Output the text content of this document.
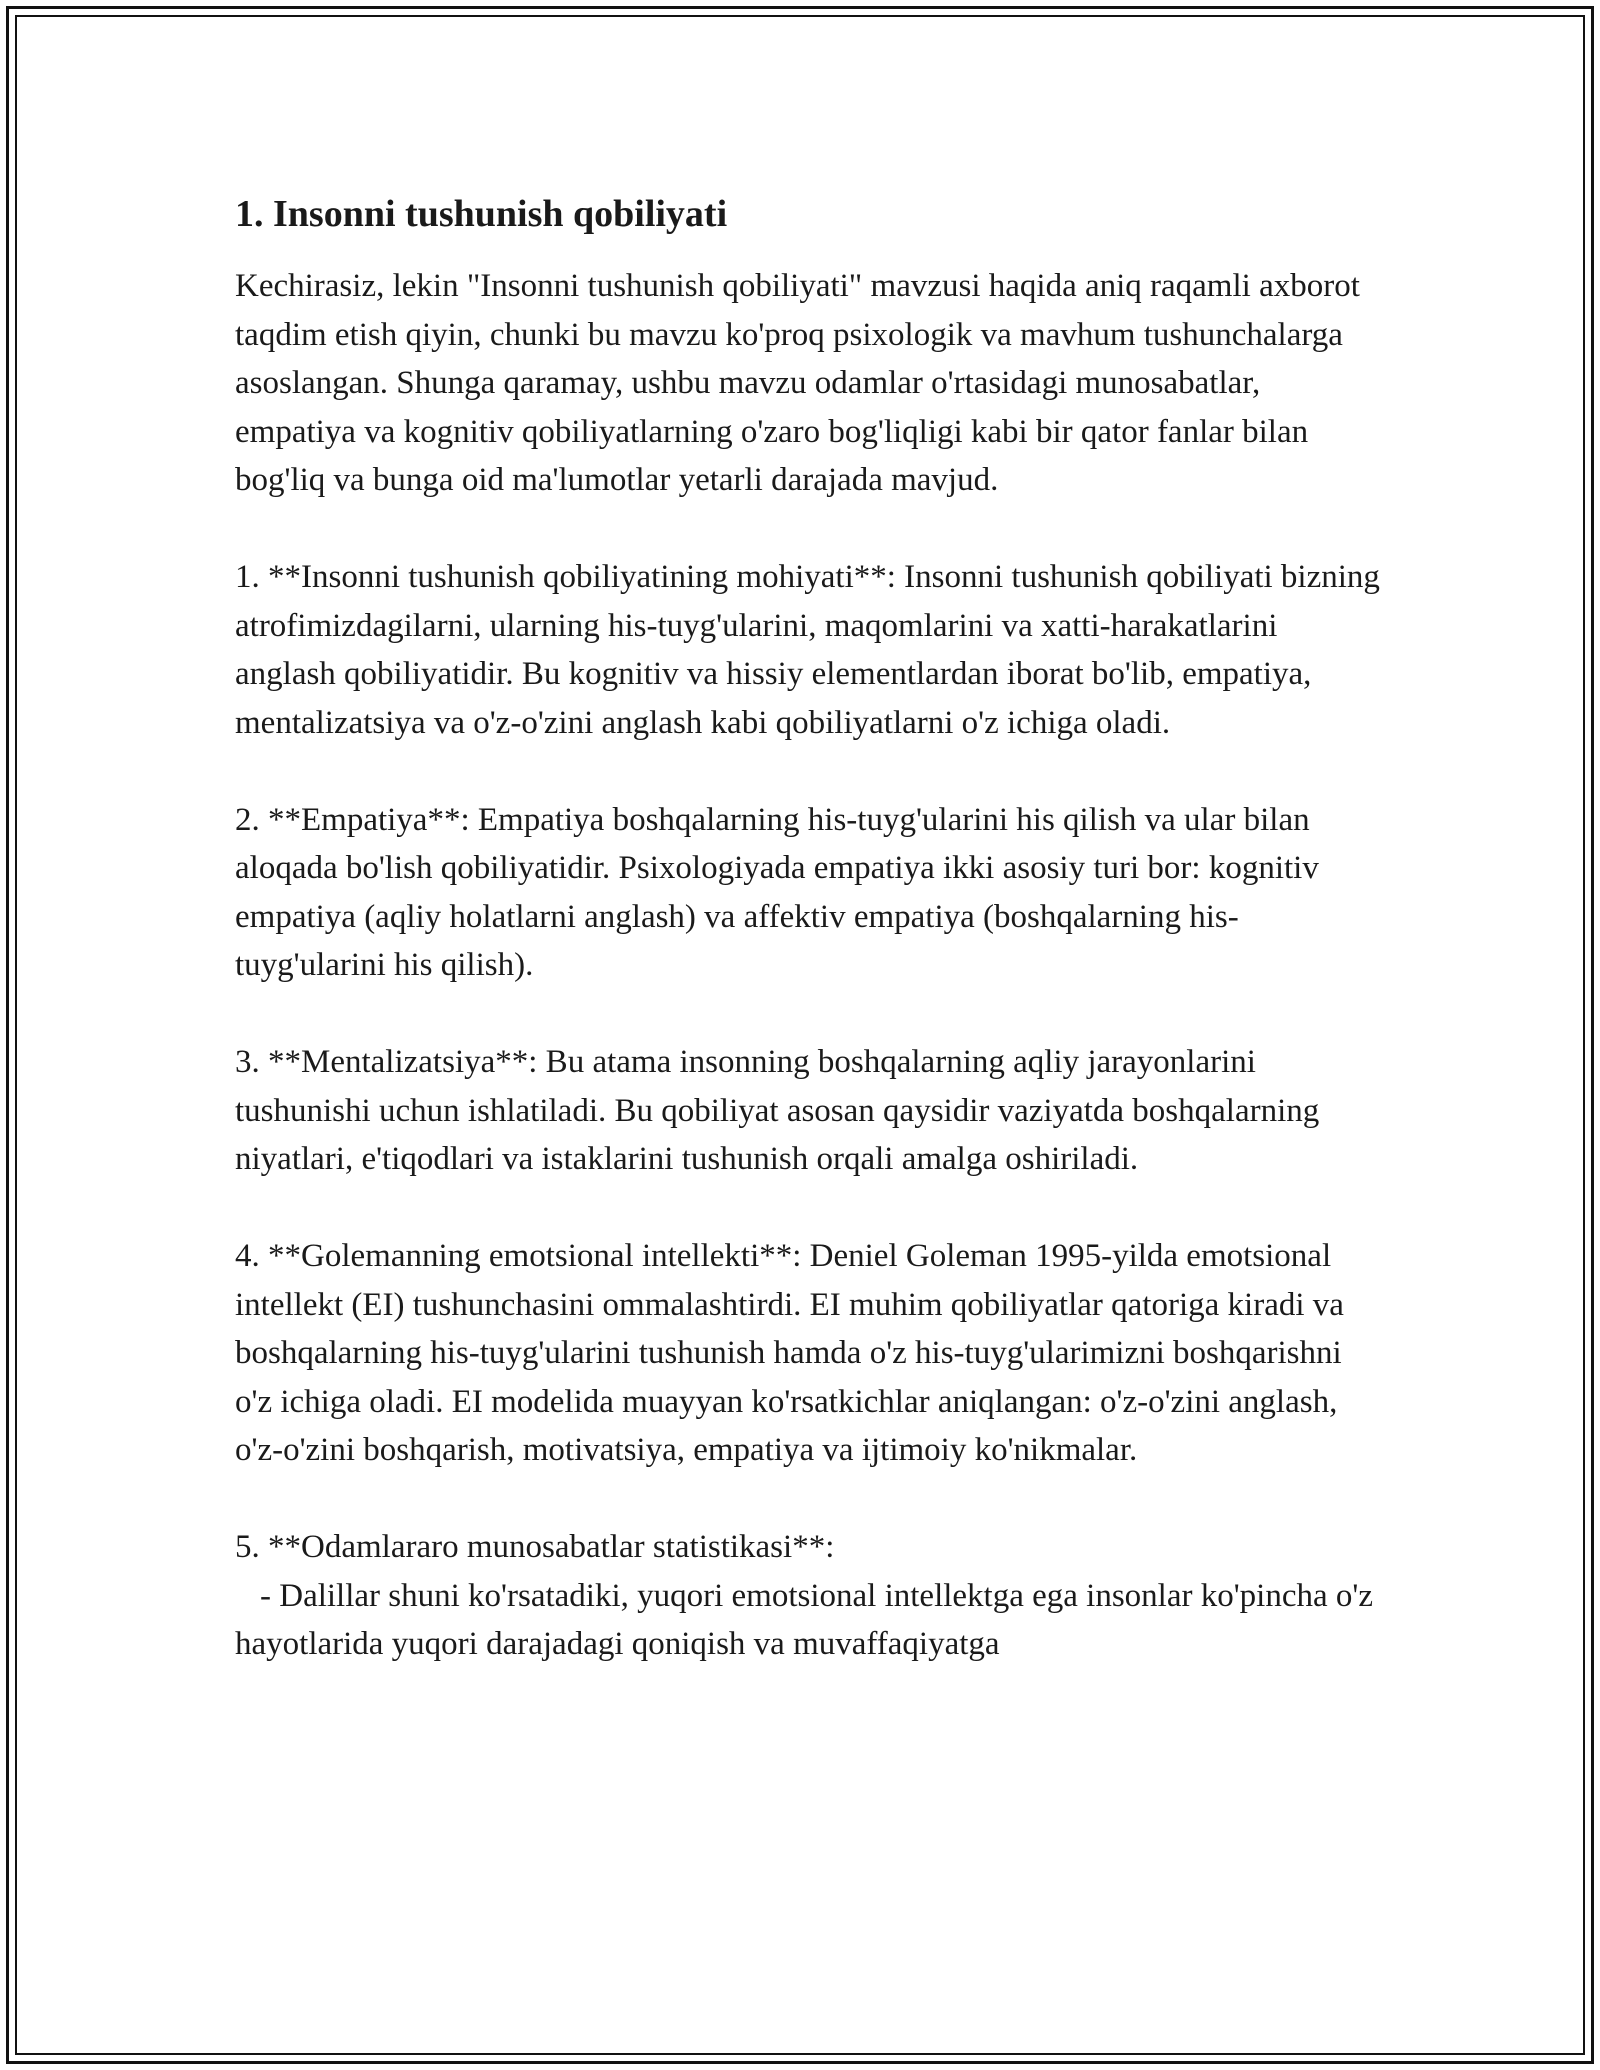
1. Insonni tushunish qobiliyati

Kechirasiz, lekin "Insonni tushunish qobiliyati" mavzusi haqida aniq raqamli axborot taqdim etish qiyin, chunki bu mavzu ko'proq psixologik va mavhum tushunchalarga asoslangan. Shunga qaramay, ushbu mavzu odamlar o'rtasidagi munosabatlar, empatiya va kognitiv qobiliyatlarning o'zaro bog'liqligi kabi bir qator fanlar bilan bog'liq va bunga oid ma'lumotlar yetarli darajada mavjud.

1. **Insonni tushunish qobiliyatining mohiyati**: Insonni tushunish qobiliyati bizning atrofimizdagilarni, ularning his-tuyg'ularini, maqomlarini va xatti-harakatlarini anglash qobiliyatidir. Bu kognitiv va hissiy elementlardan iborat bo'lib, empatiya, mentalizatsiya va o'z-o'zini anglash kabi qobiliyatlarni o'z ichiga oladi.

2. **Empatiya**: Empatiya boshqalarning his-tuyg'ularini his qilish va ular bilan aloqada bo'lish qobiliyatidir. Psixologiyada empatiya ikki asosiy turi bor: kognitiv empatiya (aqliy holatlarni anglash) va affektiv empatiya (boshqalarning his-tuyg'ularini his qilish).

3. **Mentalizatsiya**: Bu atama insonning boshqalarning aqliy jarayonlarini tushunishi uchun ishlatiladi. Bu qobiliyat asosan qaysidir vaziyatda boshqalarning niyatlari, e'tiqodlari va istaklarini tushunish orqali amalga oshiriladi.

4. **Golemanning emotsional intellekti**: Deniel Goleman 1995-yilda emotsional intellekt (EI) tushunchasini ommalashtirdi. EI muhim qobiliyatlar qatoriga kiradi va boshqalarning his-tuyg'ularini tushunish hamda o'z his-tuyg'ularimizni boshqarishni o'z ichiga oladi. EI modelida muayyan ko'rsatkichlar aniqlangan: o'z-o'zini anglash, o'z-o'zini boshqarish, motivatsiya, empatiya va ijtimoiy ko'nikmalar.

5. **Odamlararo munosabatlar statistikasi**:

- Dalillar shuni ko'rsatadiki, yuqori emotsional intellektga ega insonlar ko'pincha o'z hayotlarida yuqori darajadagi qoniqish va muvaffaqiyatga
